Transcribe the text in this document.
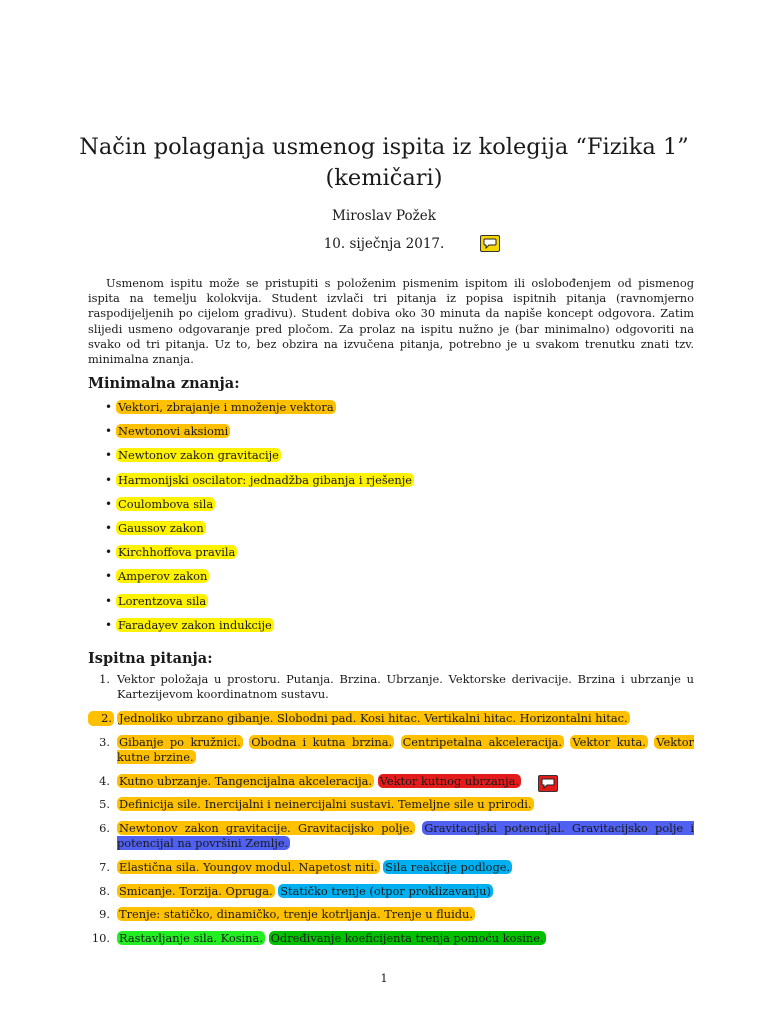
Način polaganja usmenog ispita iz kolegija “Fizika 1” (kemičari)
Miroslav Požek
10. siječnja 2017.

Usmenom ispitu može se pristupiti s položenim pismenim ispitom ili oslobođenjem od pismenog ispita na temelju kolokvija. Student izvlači tri pitanja iz popisa ispitnih pitanja (ravnomjerno raspodijeljenih po cijelom gradivu). Student dobiva oko 30 minuta da napiše koncept odgovora. Zatim slijedi usmeno odgovaranje pred pločom. Za prolaz na ispitu nužno je (bar minimalno) odgovoriti na svako od tri pitanja. Uz to, bez obzira na izvučena pitanja, potrebno je u svakom trenutku znati tzv. minimalna znanja.

Minimalna znanja:
• Vektori, zbrajanje i množenje vektora
• Newtonovi aksiomi
• Newtonov zakon gravitacije
• Harmonijski oscilator: jednadžba gibanja i rješenje
• Coulombova sila
• Gaussov zakon
• Kirchhoffova pravila
• Amperov zakon
• Lorentzova sila
• Faradayev zakon indukcije
Ispitna pitanja:
1. Vektor položaja u prostoru. Putanja. Brzina. Ubrzanje. Vektorske derivacije. Brzina i ubrzanje u Kartezijevom koordinatnom sustavu.
2. Jednoliko ubrzano gibanje. Slobodni pad. Kosi hitac. Vertikalni hitac. Horizontalni hitac.
3. Gibanje po kružnici. Obodna i kutna brzina. Centripetalna akceleracija. Vektor kuta. Vektor kutne brzine.
4. Kutno ubrzanje. Tangencijalna akceleracija. Vektor kutnog ubrzanja.
5. Definicija sile. Inercijalni i neinercijalni sustavi. Temeljne sile u prirodi.
6. Newtonov zakon gravitacije. Gravitacijsko polje. Gravitacijski potencijal. Gravitacijsko polje i potencijal na površini Zemlje.
7. Elastična sila. Youngov modul. Napetost niti. Sila reakcije podloge.
8. Smicanje. Torzija. Opruga. Statičko trenje (otpor proklizavanju)
9. Trenje: statičko, dinamičko, trenje kotrljanja. Trenje u fluidu.
10. Rastavljanje sila. Kosina. Određivanje koeficijenta trenja pomoću kosine.
1
